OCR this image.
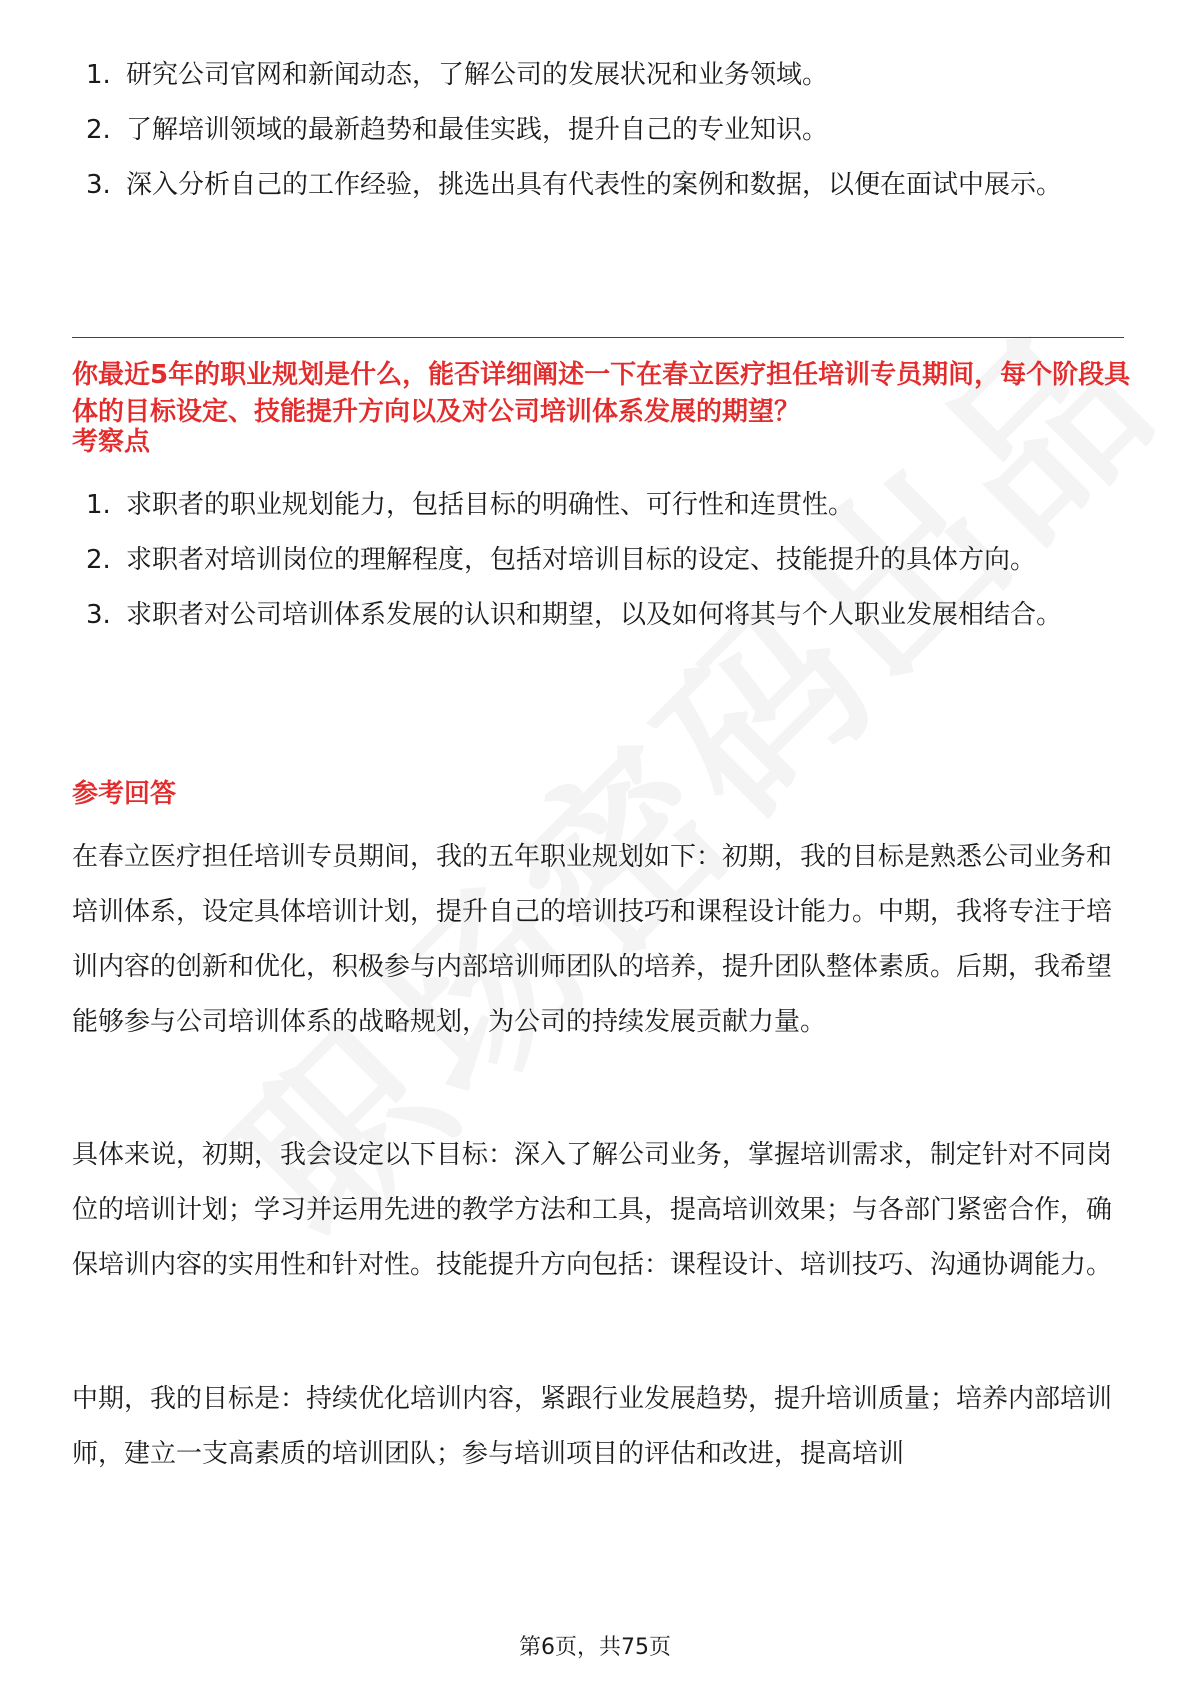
1. 研究公司官网和新闻动态，了解公司的发展状况和业务领域。
2. 了解培训领域的最新趋势和最佳实践，提升自己的专业知识。
3. 深入分析自己的工作经验，挑选出具有代表性的案例和数据，以便在面试中展示。
你最近5年的职业规划是什么，能否详细阐述一下在春立医疗担任培训专员期间，每个阶段具体的目标设定、技能提升方向以及对公司培训体系发展的期望？
考察点
1. 求职者的职业规划能力，包括目标的明确性、可行性和连贯性。
2. 求职者对培训岗位的理解程度，包括对培训目标的设定、技能提升的具体方向。
3. 求职者对公司培训体系发展的认识和期望，以及如何将其与个人职业发展相结合。
参考回答

在春立医疗担任培训专员期间，我的五年职业规划如下：初期，我的目标是熟悉公司业务和培训体系，设定具体培训计划，提升自己的培训技巧和课程设计能力。中期，我将专注于培训内容的创新和优化，积极参与内部培训师团队的培养，提升团队整体素质。后期，我希望能够参与公司培训体系的战略规划，为公司的持续发展贡献力量。

具体来说，初期，我会设定以下目标：深入了解公司业务，掌握培训需求，制定针对不同岗位的培训计划；学习并运用先进的教学方法和工具，提高培训效果；与各部门紧密合作，确保培训内容的实用性和针对性。技能提升方向包括：课程设计、培训技巧、沟通协调能力。

中期，我的目标是：持续优化培训内容，紧跟行业发展趋势，提升培训质量；培养内部培训师，建立一支高素质的培训团队；参与培训项目的评估和改进，提高培训

第6页，共75页
